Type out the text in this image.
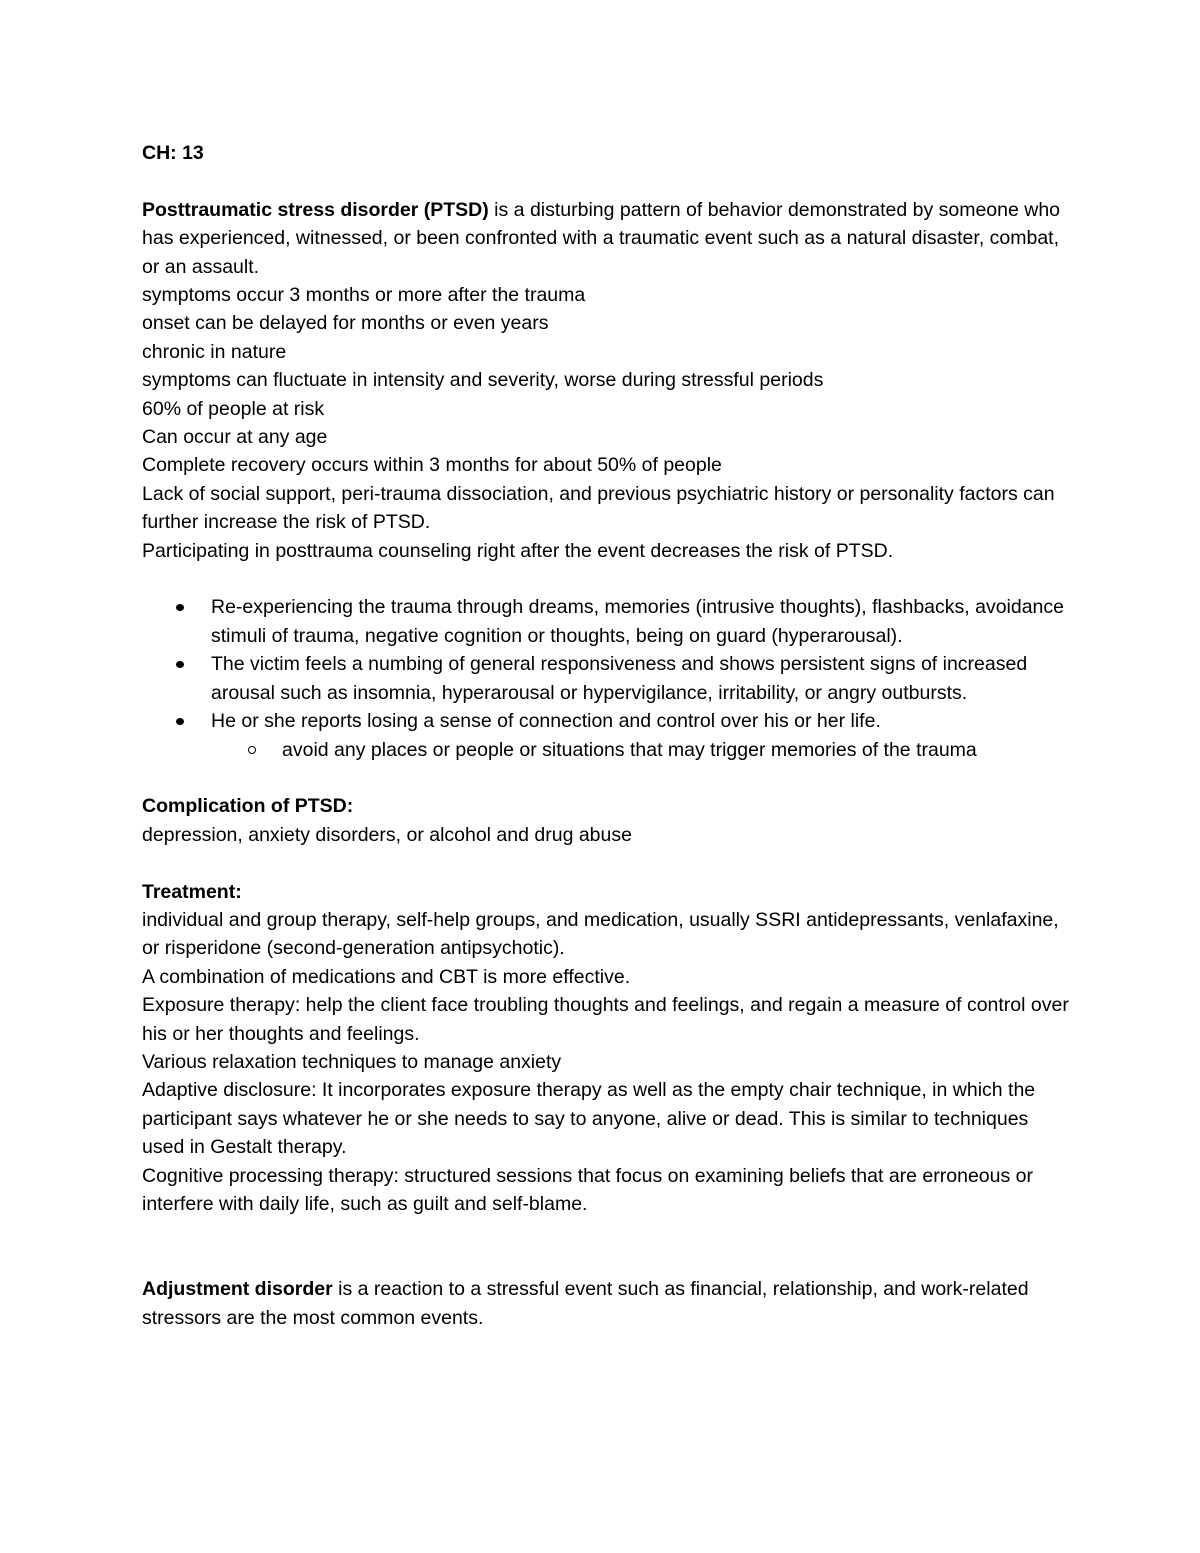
CH: 13

Posttraumatic stress disorder (PTSD) is a disturbing pattern of behavior demonstrated by someone who has experienced, witnessed, or been confronted with a traumatic event such as a natural disaster, combat, or an assault.

symptoms occur 3 months or more after the trauma

onset can be delayed for months or even years

chronic in nature

symptoms can fluctuate in intensity and severity, worse during stressful periods

60% of people at risk

Can occur at any age

Complete recovery occurs within 3 months for about 50% of people

Lack of social support, peri-trauma dissociation, and previous psychiatric history or personality factors can further increase the risk of PTSD.

Participating in posttrauma counseling right after the event decreases the risk of PTSD.

Re-experiencing the trauma through dreams, memories (intrusive thoughts), flashbacks, avoidance stimuli of trauma, negative cognition or thoughts, being on guard (hyperarousal).
The victim feels a numbing of general responsiveness and shows persistent signs of increased arousal such as insomnia, hyperarousal or hypervigilance, irritability, or angry outbursts.
He or she reports losing a sense of connection and control over his or her life.
avoid any places or people or situations that may trigger memories of the trauma

Complication of PTSD:

depression, anxiety disorders, or alcohol and drug abuse

Treatment:

individual and group therapy, self-help groups, and medication, usually SSRI antidepressants, venlafaxine, or risperidone (second-generation antipsychotic).

A combination of medications and CBT is more effective.

Exposure therapy: help the client face troubling thoughts and feelings, and regain a measure of control over his or her thoughts and feelings.

Various relaxation techniques to manage anxiety

Adaptive disclosure: It incorporates exposure therapy as well as the empty chair technique, in which the participant says whatever he or she needs to say to anyone, alive or dead. This is similar to techniques used in Gestalt therapy.

Cognitive processing therapy: structured sessions that focus on examining beliefs that are erroneous or interfere with daily life, such as guilt and self-blame.

Adjustment disorder is a reaction to a stressful event such as financial, relationship, and work-related stressors are the most common events.
